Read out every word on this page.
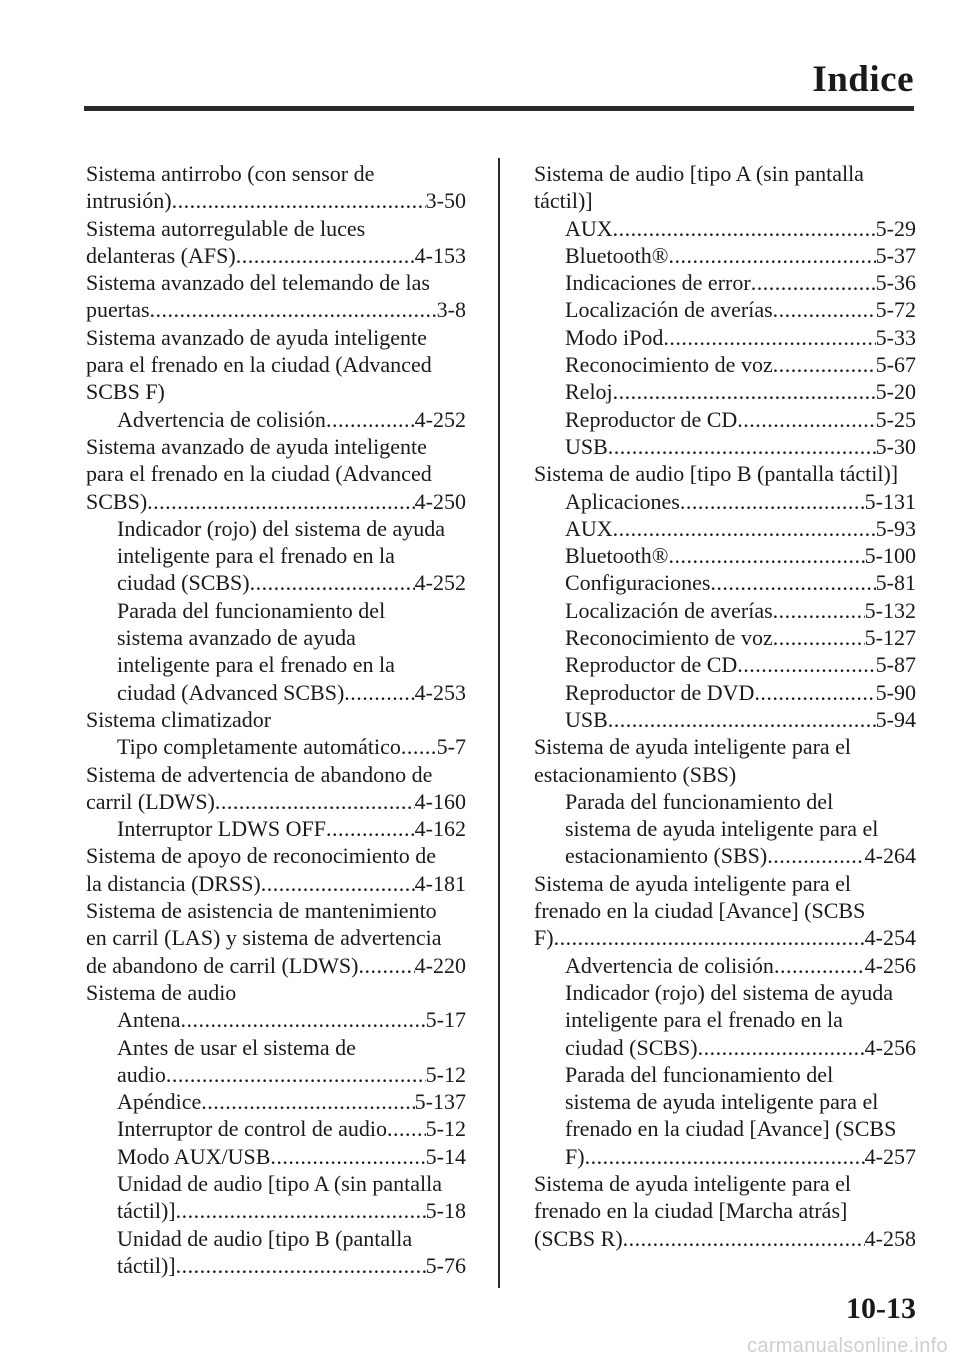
Indice
Sistema antirrobo (con sensor de
intrusión) .....	3-50
Sistema autorregulable de luces
delanteras (AFS) .....	4-153
Sistema avanzado del telemando de las
puertas .....	3-8
Sistema avanzado de ayuda inteligente
para el frenado en la ciudad (Advanced
SCBS F)
Advertencia de colisión .....	4-252
Sistema avanzado de ayuda inteligente
para el frenado en la ciudad (Advanced
SCBS) .....	4-250
Indicador (rojo) del sistema de ayuda
inteligente para el frenado en la
ciudad (SCBS) .....	4-252
Parada del funcionamiento del
sistema avanzado de ayuda
inteligente para el frenado en la
ciudad (Advanced SCBS) .....	4-253
Sistema climatizador
Tipo completamente automático ..... 5-7
Sistema de advertencia de abandono de
carril (LDWS) .....	4-160
Interruptor LDWS OFF .....	4-162
Sistema de apoyo de reconocimiento de
la distancia (DRSS) .....	4-181
Sistema de asistencia de mantenimiento
en carril (LAS) y sistema de advertencia
de abandono de carril (LDWS) .....	4-220
Sistema de audio
Antena .....	5-17
Antes de usar el sistema de
audio .....	5-12
Apéndice .....	5-137
Interruptor de control de audio ..... 5-12
Modo AUX/USB .....	5-14
Unidad de audio [tipo A (sin pantalla
táctil)] .....	5-18
Unidad de audio [tipo B (pantalla
táctil)] .....	5-76
Sistema de audio [tipo A (sin pantalla
táctil)]
AUX .....	5-29
Bluetooth® .....	5-37
Indicaciones de error .....	5-36
Localización de averías .....	5-72
Modo iPod .....	5-33
Reconocimiento de voz .....	5-67
Reloj .....	5-20
Reproductor de CD .....	5-25
USB .....	5-30
Sistema de audio [tipo B (pantalla táctil)]
Aplicaciones .....	5-131
AUX .....	5-93
Bluetooth® .....	5-100
Configuraciones .....	5-81
Localización de averías .....	5-132
Reconocimiento de voz .....	5-127
Reproductor de CD .....	5-87
Reproductor de DVD .....	5-90
USB .....	5-94
Sistema de ayuda inteligente para el
estacionamiento (SBS)
Parada del funcionamiento del
sistema de ayuda inteligente para el
estacionamiento (SBS) .....	4-264
Sistema de ayuda inteligente para el
frenado en la ciudad [Avance] (SCBS
F) .....	4-254
Advertencia de colisión .....	4-256
Indicador (rojo) del sistema de ayuda
inteligente para el frenado en la
ciudad (SCBS) .....	4-256
Parada del funcionamiento del
sistema de ayuda inteligente para el
frenado en la ciudad [Avance] (SCBS
F) .....	4-257
Sistema de ayuda inteligente para el
frenado en la ciudad [Marcha atrás]
(SCBS R) .....	4-258
10-13
carmanualsonline.info
